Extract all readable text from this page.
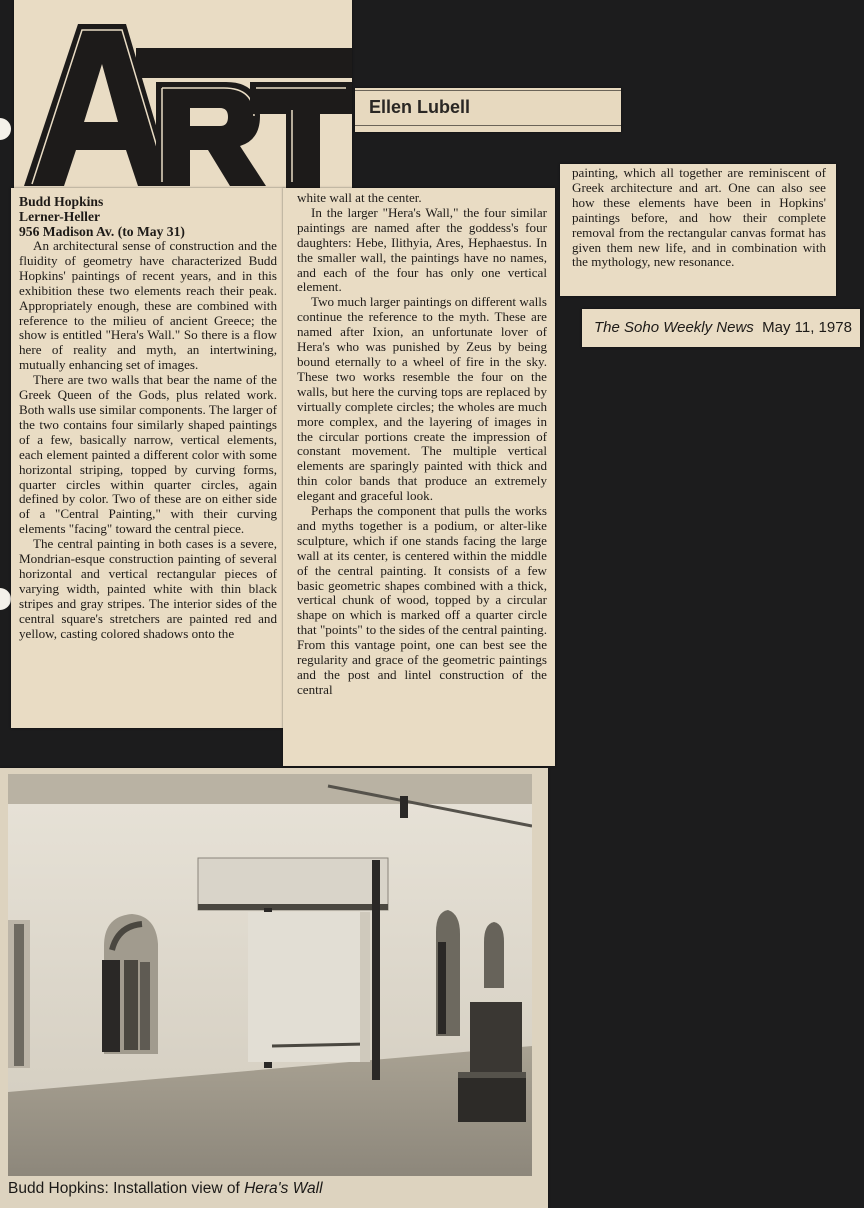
Ellen Lubell
Budd Hopkins
Lerner-Heller
956 Madison Av. (to May 31)

An architectural sense of construction and the fluidity of geometry have characterized Budd Hopkins' paintings of recent years, and in this exhibition these two elements reach their peak. Appropriately enough, these are combined with reference to the milieu of ancient Greece; the show is entitled "Hera's Wall." So there is a flow here of reality and myth, an intertwining, mutually enhancing set of images.

There are two walls that bear the name of the Greek Queen of the Gods, plus related work. Both walls use similar components. The larger of the two contains four similarly shaped paintings of a few, basically narrow, vertical elements, each element painted a different color with some horizontal striping, topped by curving forms, quarter circles within quarter circles, again defined by color. Two of these are on either side of a "Central Painting," with their curving elements "facing" toward the central piece.

The central painting in both cases is a severe, Mondrian-esque construction painting of several horizontal and vertical rectangular pieces of varying width, painted white with thin black stripes and gray stripes. The interior sides of the central square's stretchers are painted red and yellow, casting colored shadows onto the

white wall at the center.

In the larger "Hera's Wall," the four similar paintings are named after the goddess's four daughters: Hebe, Ilithyia, Ares, Hephaestus. In the smaller wall, the paintings have no names, and each of the four has only one vertical element.

Two much larger paintings on different walls continue the reference to the myth. These are named after Ixion, an unfortunate lover of Hera's who was punished by Zeus by being bound eternally to a wheel of fire in the sky. These two works resemble the four on the walls, but here the curving tops are replaced by virtually complete circles; the wholes are much more complex, and the layering of images in the circular portions create the impression of constant movement. The multiple vertical elements are sparingly painted with thick and thin color bands that produce an extremely elegant and graceful look.

Perhaps the component that pulls the works and myths together is a podium, or alter-like sculpture, which if one stands facing the large wall at its center, is centered within the middle of the central painting. It consists of a few basic geometric shapes combined with a thick, vertical chunk of wood, topped by a circular shape on which is marked off a quarter circle that "points" to the sides of the central painting. From this vantage point, one can best see the regularity and grace of the geometric paintings and the post and lintel construction of the central

painting, which all together are reminiscent of Greek architecture and art. One can also see how these elements have been in Hopkins' paintings before, and how their complete removal from the rectangular canvas format has given them new life, and in combination with the mythology, new resonance.

The Soho Weekly News May 11, 1978
Budd Hopkins: Installation view of Hera's Wall
